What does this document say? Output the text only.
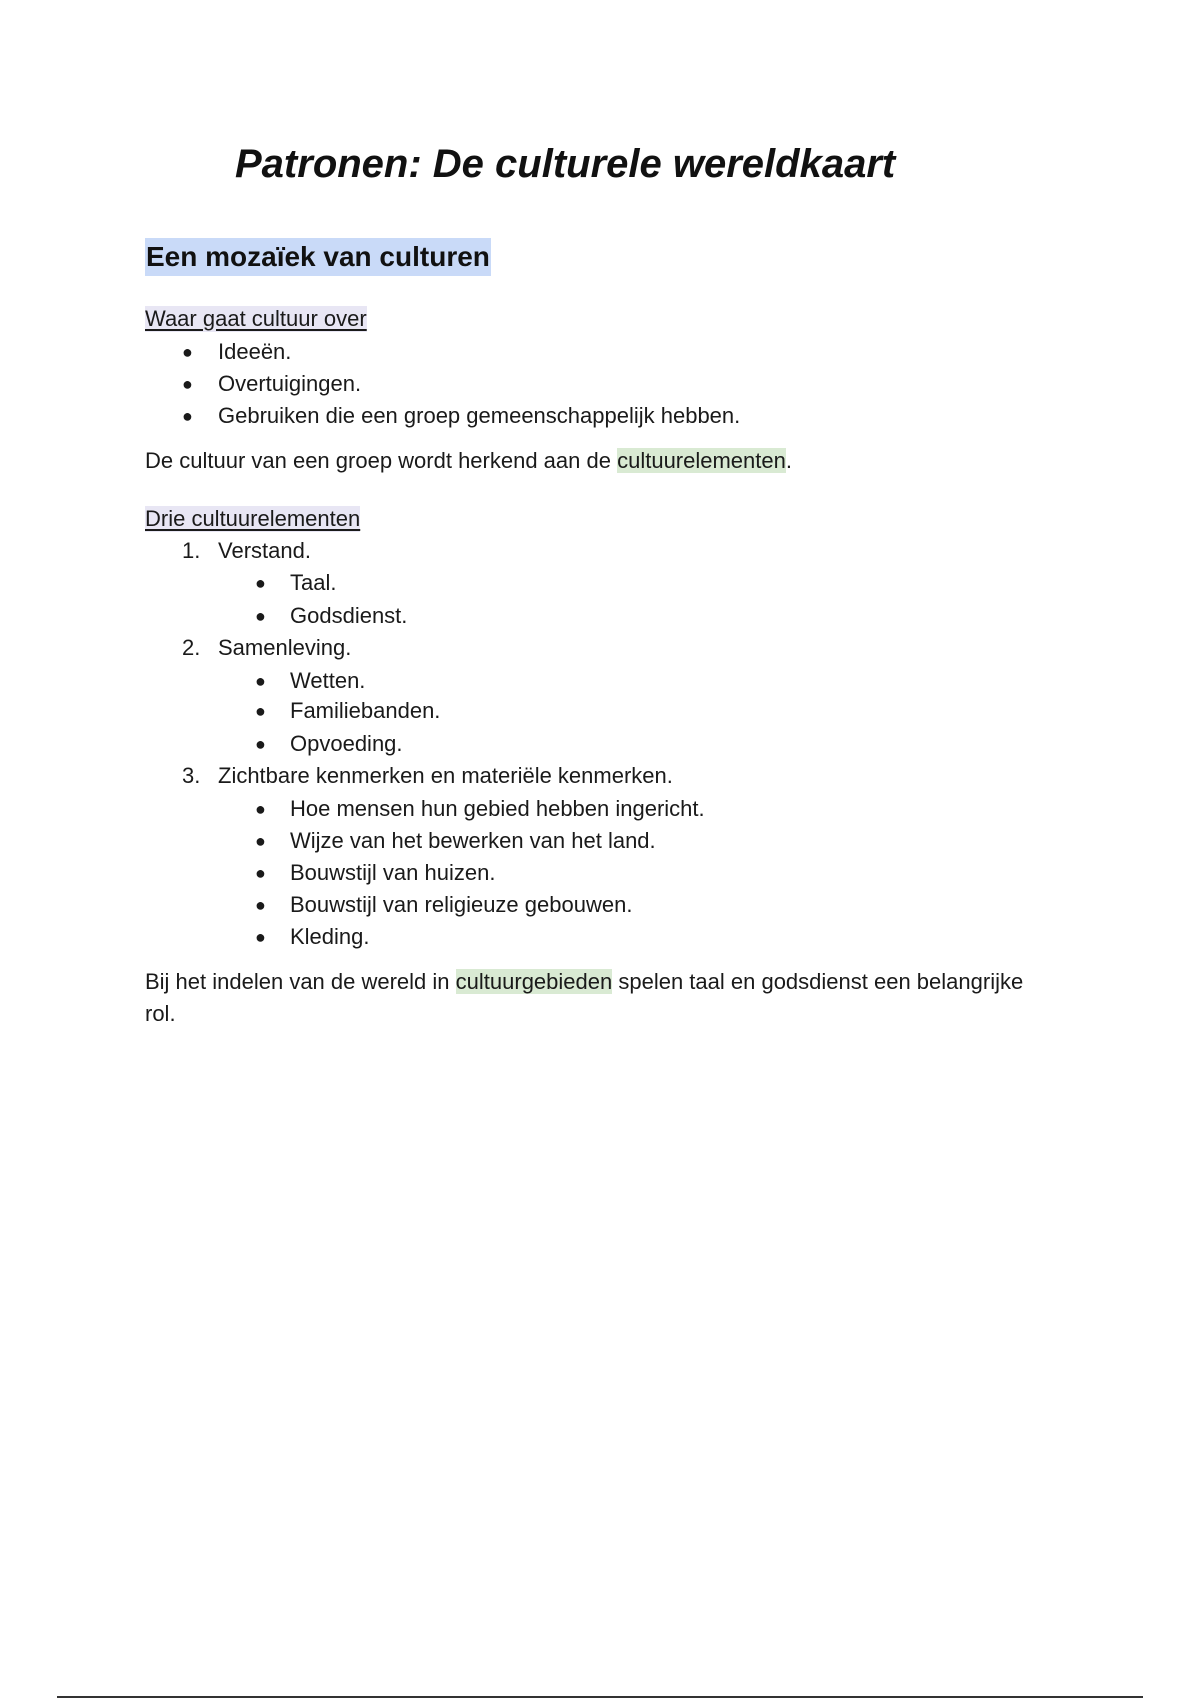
Patronen: De culturele wereldkaart
Een mozaïek van culturen
Waar gaat cultuur over
● Ideeën.
● Overtuigingen.
● Gebruiken die een groep gemeenschappelijk hebben.
De cultuur van een groep wordt herkend aan de cultuurelementen.
Drie cultuurelementen
1. Verstand.
● Taal.
● Godsdienst.
2. Samenleving.
● Wetten.
● Familiebanden.
● Opvoeding.
3. Zichtbare kenmerken en materiële kenmerken.
● Hoe mensen hun gebied hebben ingericht.
● Wijze van het bewerken van het land.
● Bouwstijl van huizen.
● Bouwstijl van religieuze gebouwen.
● Kleding.
Bij het indelen van de wereld in cultuurgebieden spelen taal en godsdienst een belangrijke rol.
